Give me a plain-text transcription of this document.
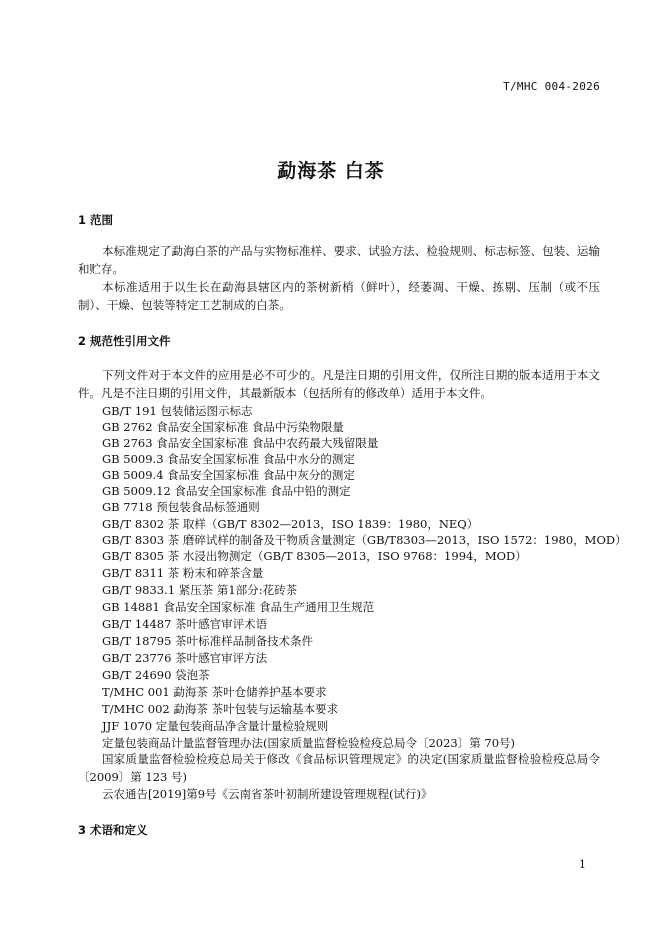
T/MHC 004-2026
勐海茶 白茶
1 范围
本标准规定了勐海白茶的产品与实物标准样、要求、试验方法、检验规则、标志标签、包装、运输和贮存。
本标准适用于以生长在勐海县辖区内的茶树新梢（鲜叶），经萎凋、干燥、拣剔、压制（或不压制）、干燥、包装等特定工艺制成的白茶。
2 规范性引用文件
下列文件对于本文件的应用是必不可少的。凡是注日期的引用文件，仅所注日期的版本适用于本文件。凡是不注日期的引用文件，其最新版本（包括所有的修改单）适用于本文件。
GB/T 191 包装储运图示标志
GB 2762 食品安全国家标准 食品中污染物限量
GB 2763 食品安全国家标准 食品中农药最大残留限量
GB 5009.3 食品安全国家标准 食品中水分的测定
GB 5009.4 食品安全国家标准 食品中灰分的测定
GB 5009.12 食品安全国家标准 食品中铅的测定
GB 7718 预包装食品标签通则
GB/T 8302 茶 取样（GB/T 8302—2013，ISO 1839：1980，NEQ）
GB/T 8303 茶 磨碎试样的制备及干物质含量测定（GB/T8303—2013，ISO 1572：1980，MOD）
GB/T 8305 茶 水浸出物测定（GB/T 8305—2013，ISO 9768：1994，MOD）
GB/T 8311 茶 粉末和碎茶含量
GB/T 9833.1 紧压茶 第1部分:花砖茶
GB 14881 食品安全国家标准 食品生产通用卫生规范
GB/T 14487 茶叶感官审评术语
GB/T 18795 茶叶标准样品制备技术条件
GB/T 23776 茶叶感官审评方法
GB/T 24690 袋泡茶
T/MHC 001 勐海茶 茶叶仓储养护基本要求
T/MHC 002 勐海茶 茶叶包装与运输基本要求
JJF 1070 定量包装商品净含量计量检验规则
定量包装商品计量监督管理办法(国家质量监督检验检疫总局令〔2023〕第 70号)
国家质量监督检验检疫总局关于修改《食品标识管理规定》的决定(国家质量监督检验检疫总局令〔2009〕第 123 号)
云农通告[2019]第9号《云南省茶叶初制所建设管理规程(试行)》
3 术语和定义
1
